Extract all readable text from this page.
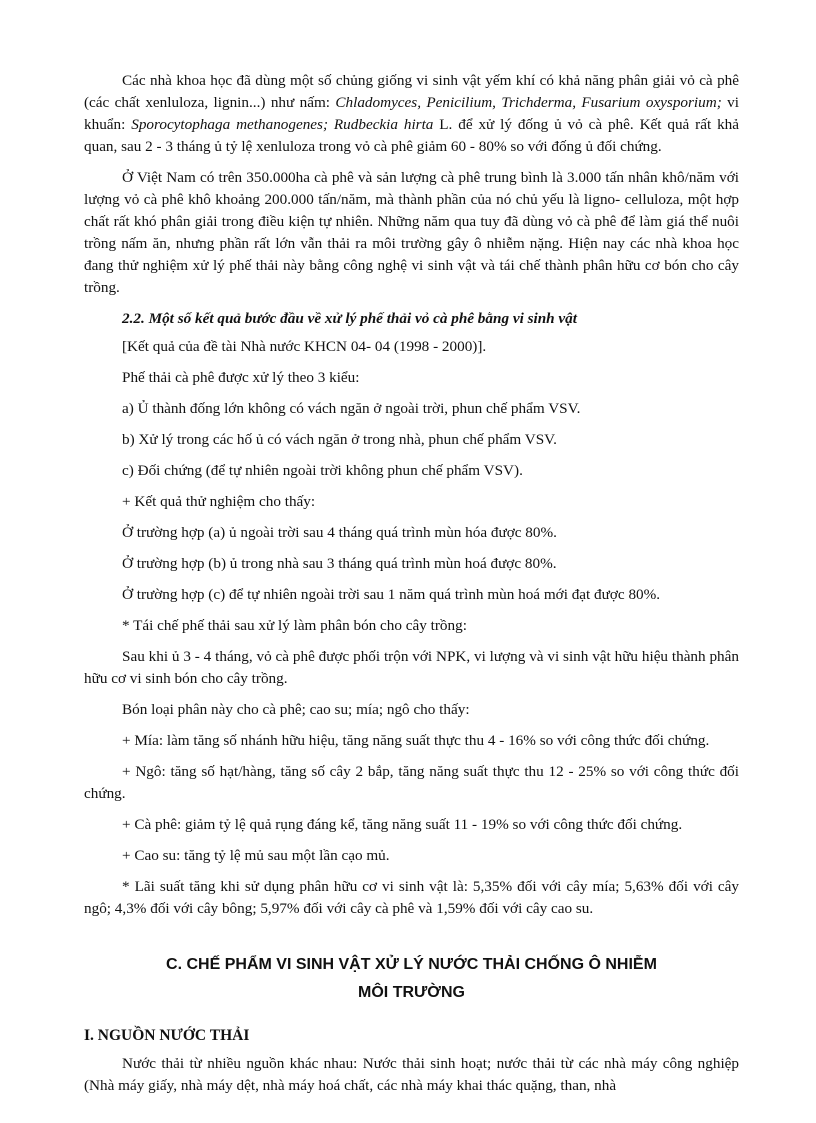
Các nhà khoa học đã dùng một số chủng giống vi sinh vật yếm khí có khả năng phân giải vỏ cà phê (các chất xenluloza, lignin...) như nấm: Chladomyces, Penicilium, Trichderma, Fusarium oxysporium; vi khuẩn: Sporocytophaga methanogenes; Rudbeckia hirta L. để xử lý đống ủ vỏ cà phê. Kết quả rất khả quan, sau 2 - 3 tháng ủ tỷ lệ xenluloza trong vỏ cà phê giảm 60 - 80% so với đống ủ đối chứng.

Ở Việt Nam có trên 350.000ha cà phê và sản lượng cà phê trung bình là 3.000 tấn nhân khô/năm với lượng vỏ cà phê khô khoảng 200.000 tấn/năm, mà thành phần của nó chủ yếu là ligno- celluloza, một hợp chất rất khó phân giải trong điều kiện tự nhiên. Những năm qua tuy đã dùng vỏ cà phê để làm giá thể nuôi trồng nấm ăn, nhưng phần rất lớn vẫn thải ra môi trường gây ô nhiễm nặng. Hiện nay các nhà khoa học đang thử nghiệm xử lý phế thải này bằng công nghệ vi sinh vật và tái chế thành phân hữu cơ bón cho cây trồng.

2.2. Một số kết quả bước đầu về xử lý phế thải vỏ cà phê bằng vi sinh vật

[Kết quả của đề tài Nhà nước KHCN 04- 04 (1998 - 2000)].

Phế thải cà phê được xử lý theo 3 kiểu:

a) Ủ thành đống lớn không có vách ngăn ở ngoài trời, phun chế phẩm VSV.

b) Xử lý trong các hố ủ có vách ngăn ở trong nhà, phun chế phẩm VSV.

c) Đối chứng (để tự nhiên ngoài trời không phun chế phẩm VSV).

+ Kết quả thử nghiệm cho thấy:

Ở trường hợp (a) ủ ngoài trời sau 4 tháng quá trình mùn hóa được 80%.

Ở trường hợp (b) ủ trong nhà sau 3 tháng quá trình mùn hoá được 80%.

Ở trường hợp (c) để tự nhiên ngoài trời sau 1 năm quá trình mùn hoá mới đạt được 80%.

* Tái chế phế thải sau xử lý làm phân bón cho cây trồng:

Sau khi ủ 3 - 4 tháng, vỏ cà phê được phối trộn với NPK, vi lượng và vi sinh vật hữu hiệu thành phân hữu cơ vi sinh bón cho cây trồng.

Bón loại phân này cho cà phê; cao su; mía; ngô cho thấy:

+ Mía: làm tăng số nhánh hữu hiệu, tăng năng suất thực thu 4 - 16% so với công thức đối chứng.

+ Ngô: tăng số hạt/hàng, tăng số cây 2 bắp, tăng năng suất thực thu 12 - 25% so với công thức đối chứng.

+ Cà phê: giảm tỷ lệ quả rụng đáng kể, tăng năng suất 11 - 19% so với công thức đối chứng.

+ Cao su: tăng tỷ lệ mủ sau một lần cạo mủ.

* Lãi suất tăng khi sử dụng phân hữu cơ vi sinh vật là: 5,35% đối với cây mía; 5,63% đối với cây ngô; 4,3% đối với cây bông; 5,97% đối với cây cà phê và 1,59% đối với cây cao su.

C. CHẾ PHẨM VI SINH VẬT XỬ LÝ NƯỚC THẢI CHỐNG Ô NHIỄM
MÔI TRƯỜNG

I. NGUỒN NƯỚC THẢI

Nước thải từ nhiều nguồn khác nhau: Nước thải sinh hoạt; nước thải từ các nhà máy công nghiệp (Nhà máy giấy, nhà máy dệt, nhà máy hoá chất, các nhà máy khai thác quặng, than, nhà
